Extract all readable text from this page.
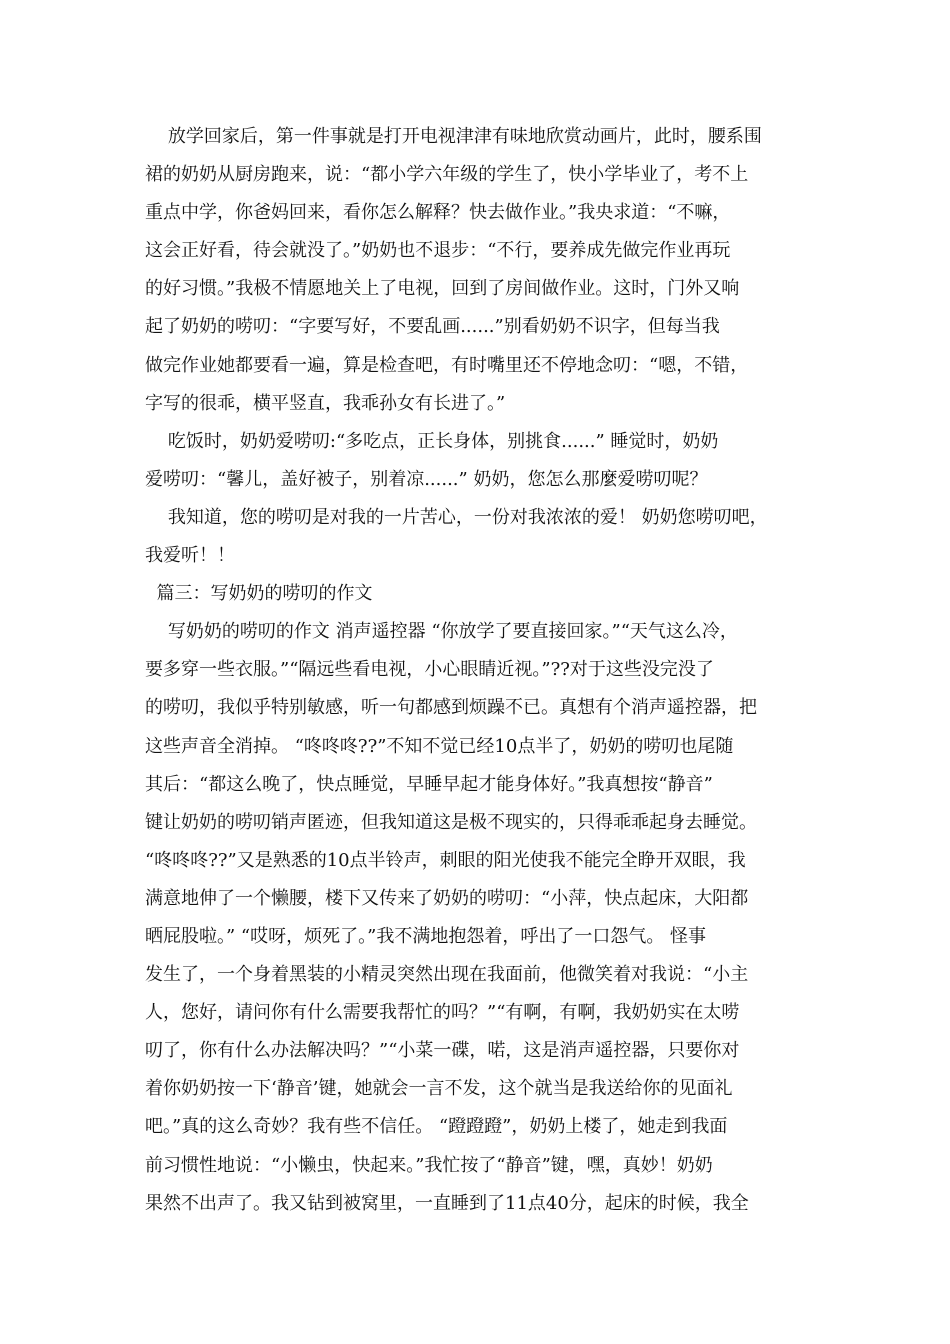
放学回家后，第一件事就是打开电视津津有味地欣赏动画片，此时，腰系围
裙的奶奶从厨房跑来，说：“都小学六年级的学生了，快小学毕业了，考不上
重点中学，你爸妈回来，看你怎么解释？快去做作业。”我央求道：“不嘛，
这会正好看，待会就没了。”奶奶也不退步：“不行，要养成先做完作业再玩
的好习惯。”我极不情愿地关上了电视，回到了房间做作业。这时，门外又响
起了奶奶的唠叨：“字要写好，不要乱画......”别看奶奶不识字，但每当我
做完作业她都要看一遍，算是检查吧，有时嘴里还不停地念叨：“嗯，不错，
字写的很乖，横平竖直，我乖孙女有长进了。”
吃饭时，奶奶爱唠叨:“多吃点，正长身体，别挑食......” 睡觉时，奶奶
爱唠叨：“馨儿，盖好被子，别着凉......” 奶奶，您怎么那麼爱唠叨呢？
我知道，您的唠叨是对我的一片苦心，一份对我浓浓的爱！ 奶奶您唠叨吧，
我爱听！！
篇三：写奶奶的唠叨的作文
写奶奶的唠叨的作文 消声遥控器 “你放学了要直接回家。”“天气这么冷，
要多穿一些衣服。”“隔远些看电视，小心眼睛近视。”??对于这些没完没了
的唠叨，我似乎特别敏感，听一句都感到烦躁不已。真想有个消声遥控器，把
这些声音全消掉。 “咚咚咚??”不知不觉已经10点半了，奶奶的唠叨也尾随
其后：“都这么晚了，快点睡觉，早睡早起才能身体好。”我真想按“静音”
键让奶奶的唠叨销声匿迹，但我知道这是极不现实的，只得乖乖起身去睡觉。
“咚咚咚??”又是熟悉的10点半铃声，刺眼的阳光使我不能完全睁开双眼，我
满意地伸了一个懒腰，楼下又传来了奶奶的唠叨：“小萍，快点起床，大阳都
晒屁股啦。” “哎呀，烦死了。”我不满地抱怨着，呼出了一口怨气。 怪事
发生了，一个身着黑装的小精灵突然出现在我面前，他微笑着对我说：“小主
人，您好，请问你有什么需要我帮忙的吗？”“有啊，有啊，我奶奶实在太唠
叨了，你有什么办法解决吗？”“小菜一碟，喏，这是消声遥控器，只要你对
着你奶奶按一下‘静音’键，她就会一言不发，这个就当是我送给你的见面礼
吧。”真的这么奇妙？我有些不信任。 “蹬蹬蹬”，奶奶上楼了，她走到我面
前习惯性地说：“小懒虫，快起来。”我忙按了“静音”键，嘿，真妙！奶奶
果然不出声了。我又钻到被窝里，一直睡到了11点40分，起床的时候，我全
